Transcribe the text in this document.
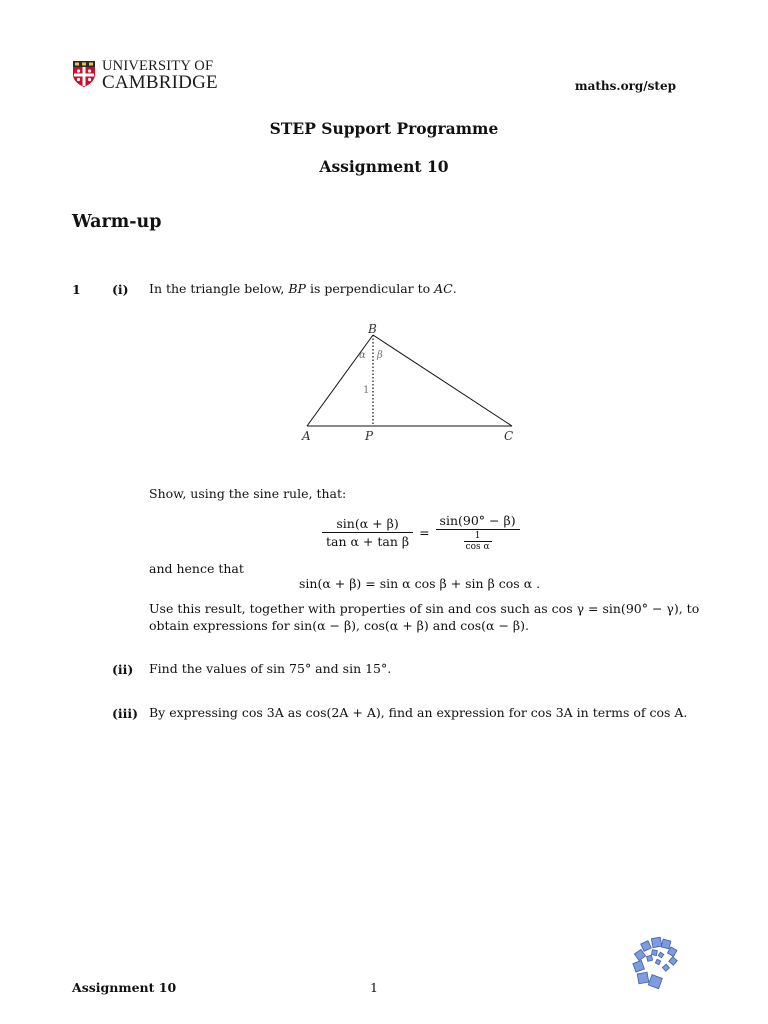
UNIVERSITY OF
CAMBRIDGE	maths.org/step
STEP Support Programme
Assignment 10
Warm-up
1	(i) In the triangle below, BP is perpendicular to AC.
B
A	P	C
α β
1
Show, using the sine rule, that:
$\frac{\sin(\alpha + \beta)}{\text{tan α + tan β}} = \frac{\sin(90^\circ - \beta)}{\frac{1}{\text{cos α}}}$
and hence that
sin(α + β) = sin α cos β + sin β cos α .
Use this result, together with properties of sin and cos such as cos γ = sin(90° − γ), to
obtain expressions for sin(α − β), cos(α + β) and cos(α − β).
(ii) Find the values of sin 75° and sin 15°.
(iii) By expressing cos 3A as cos(2A + A), find an expression for cos 3A in terms of cos A.
Assignment 10	1
